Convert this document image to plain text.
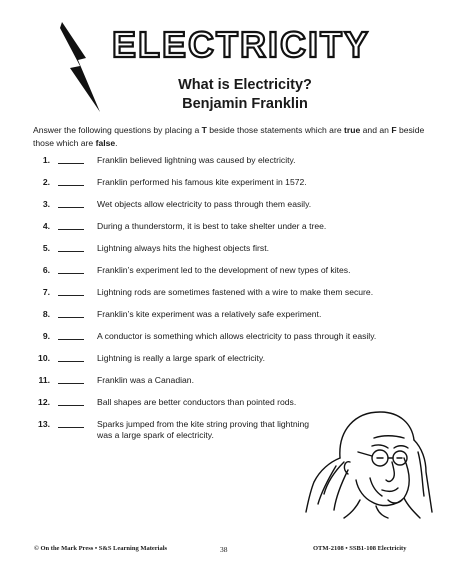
ELECTRICITY
What is Electricity?
Benjamin Franklin
Answer the following questions by placing a T beside those statements which are true and an F beside those which are false.
1.	Franklin believed lightning was caused by electricity.
2.	Franklin performed his famous kite experiment in 1572.
3.	Wet objects allow electricity to pass through them easily.
4.	During a thunderstorm, it is best to take shelter under a tree.
5.	Lightning always hits the highest objects first.
6.	Franklin’s experiment led to the development of new types of kites.
7.	Lightning rods are sometimes fastened with a wire to make them secure.
8.	Franklin’s kite experiment was a relatively safe experiment.
9.	A conductor is something which allows electricity to pass through it easily.
10.	Lightning is really a large spark of electricity.
11.	Franklin was a Canadian.
12.	Ball shapes are better conductors than pointed rods.
13.	Sparks jumped from the kite string proving that lightning was a large spark of electricity.
© On the Mark Press • S&S Learning Materials	38	OTM-2108 • SSB1-108 Electricity
